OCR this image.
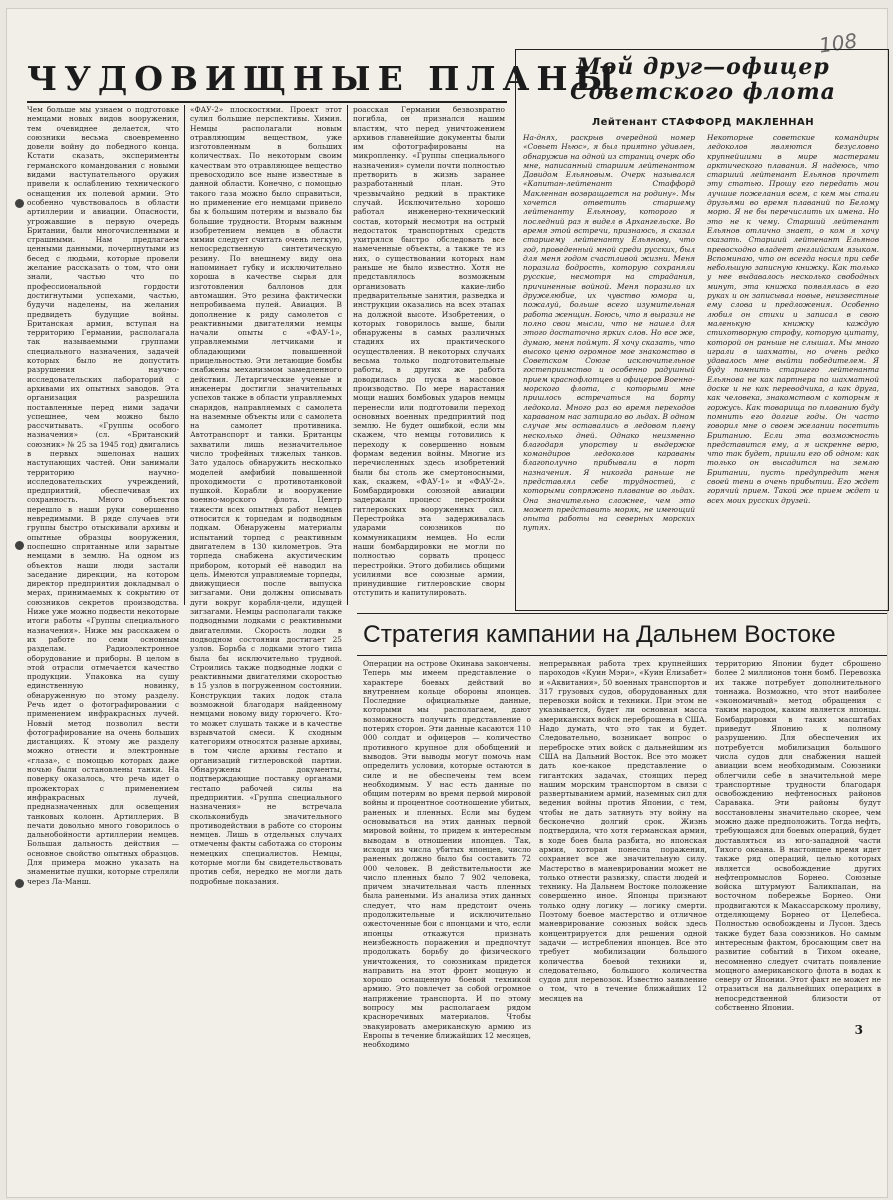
108
ЧУДОВИЩНЫЕ ПЛАНЫ

Чем больше мы узнаем о подготовке немцами новых видов вооружения, тем очевиднее делается, что союзники весьма своевременно довели войну до победного конца. Кстати сказать, эксперименты германского командования с новыми видами наступательного оружия привели к ослаблению технического оснащения их полевой армии. Это особенно чувствовалось в области артиллерии и авиации. Опасности, угрожавшие в первую очередь Британии, были многочисленными и страшными. Нам предлагаем ценными данными, почерпнутыми из бесед с людьми, которые провели желание рассказать о том, что они знали, частью что по профессиональной гордости достигнутыми успехами, частью, будучи наделены, на желания предвидеть будущие войны. Британская армия, вступая на территорию Германии, располагала так называемыми группами специального назначения, задачей которых было не допустить разрушения научно-исследовательских лабораторий с архивами их опытных заводов. Эта организация разрешила поставленные перед ними задачи успешнее, чем можно было рассчитывать. «Группы особого назначения» (сл. «Британский союзник» № 25 за 1945 год) двигались в первых эшелонах наших наступающих частей. Они занимали территорию научно-исследовательских учреждений, предприятий, обеспечивая их сохранность. Много объектов перешло в наши руки совершенно невредимыми. В ряде случаев эти группы быстро отыскивали архивы и опытные образцы вооружения, поспешно спрятанные или зарытые немцами в землю. На одном из объектов наши люди застали заседание дирекции, на котором директор предприятия докладывал о мерах, принимаемых к сокрытию от союзников секретов производства. Ниже уже можно подвести некоторые итоги работы «Группы специального назначения». Ниже мы расскажем о их работе по семи основным разделам. Радиоэлектронное оборудование и приборы. В целом в этой отрасли отмечается качество продукции. Упаковка на сушу единственную новинку, обнаруженную по этому разделу. Речь идет о фотографировании с применением инфракрасных лучей. Новый метод позволил вести фотографирование на очень больших дистанциях. К этому же разделу можно отнести и электронные «глаза», с помощью которых даже ночью были остановлены танки. На поверку оказалось, что речь идет о прожекторах с применением инфракрасных лучей, предназначенных для освещения танковых колонн. Артиллерия. В печати довольно много говорилось о дальнобойности артиллерии немцев. Большая дальность действия — основное свойство опытных образцов. Для примера можно указать на знаменитые пушки, которые стреляли через Ла-Манш.

«ФАУ-2» плоскостями. Проект этот сулил большие перспективы. Химия. Немцы располагали новым отравляющим веществом, уже изготовленным в больших количествах. По некоторым своим качествам это отравляющее вещество превосходило все ныне известные в данной области. Конечно, с помощью такого газа можно было справиться, но применение его немцами привело бы к большим потерям и вызвало бы большие трудности. Вторым важным изобретением немцев в области химии следует считать очень легкую, непосредственную синтетическую резину. По внешнему виду она напоминает губку и исключительно хороша в качестве сырья для изготовления баллонов для автомашин. Это резина фактически непробиваема пулей. Авиация. В дополнение к ряду самолетов с реактивными двигателями немцы начали опыты с «ФАУ-1», управляемыми летчиками и обладающими повышенной прицельностью. Эти летающие бомбы снабжены механизмом замедленного действия. Летаргические ученые и инженеры достигли значительных успехов также в области управляемых снарядов, направляемых с самолета на наземные объекты или с самолета на самолет противника. Автотранспорт и танки. Британцы захватили лишь незначительное число трофейных тяжелых танков. Зато удалось обнаружить несколько моделей амфибий повышенной проходимости с противотанковой пушкой. Корабли и вооружение военно-морского флота. Центр тяжести всех опытных работ немцев относится к торпедам и подводным лодкам. Обнаружены материалы испытаний торпед с реактивным двигателем в 130 километров. Эта торпеда снабжена акустическим прибором, который её наводил на цель. Имеются управляемые торпеды, движущиеся после выпуска зигзагами. Они должны описывать дуги вокруг корабля-цели, идущей зигзагами. Немцы располагали также подводными лодками с реактивными двигателями. Скорость лодки в подводном состоянии достигает 25 узлов. Борьба с лодками этого типа была бы исключительно трудной. Строились также подводные лодки с реактивными двигателями скоростью в 15 узлов в погруженном состоянии. Конструкция таких лодок стала возможной благодаря найденному немцами новому виду горючего. Кто-то может слушать также и в качестве взрывчатой смеси. К сходным категориям относятся разные архивы, в том числе архивы гестапо и организаций гитлеровской партии. Обнаружены документы, подтверждающие поставку органами гестапо рабочей силы на предприятия. «Группа специального назначения» не встречала скольконибудь значительного противодействия в работе со стороны немцев. Лишь в отдельных случаях отмечены факты саботажа со стороны немецких специалистов. Немцы, которые могли бы свидетельствовать против себя, нередко не могли дать подробные показания.

роасская Германии безвозвратно погибла, он признался нашим властям, что перед уничтожением архивов главнейшие документы были им сфотографированы на микропленку. «Группы специального назначения» сумели почти полностью претворить в жизнь заранее разработанный план. Это чрезвычайно редкий в практике случай. Исключительно хорошо работал инженерно-технический состав, который несмотря на острый недостаток транспортных средств ухитрялся быстро обследовать все намеченные объекты, а также те из них, о существовании которых нам раньше не было известно. Хотя не представлялось возможным организовать какие-либо предварительные занятия, разведка и инструкции оказались на всех этапах на должной высоте. Изобретения, о которых говорилось выше, были обнаружены в самых различных стадиях их практического осуществления. В некоторых случаях весьма только подготовительные работы, в других же работа доводилась до пуска в массовое производство. По мере нарастания мощи наших бомбовых ударов немцы перенесли или подготовили переход основных военных предприятий под землю. Не будет ошибкой, если мы скажем, что немцы готовились к переходу к совершенно новым формам ведения войны. Многие из перечисленных здесь изобретений были бы столь же смертоносными, как, скажем, «ФАУ-1» и «ФАУ-2». Бомбардировки союзной авиации задержали процесс перестройки гитлеровских вооруженных сил. Перестройка эта задерживалась ударами союзников по коммуникациям немцев. Но если наши бомбардировки не могли по полностью сорвать процесс перестройки. Этого добились общими усилиями все союзные армии, принудившие гитлеровские своры отступить и капитулировать.

Мой друг—офицер
Советского флота
Лейтенант СТАФФОРД МАКЛЕННАН

На-днях, раскрыв очередной номер «Совьет Ньюс», я был приятно удивлен, обнаружив на одной из страниц очерк обо мне, написанный старшим лейтенантом Давидом Ельяновым. Очерк назывался «Капитан-лейтенант Стаффорд Макленнан возвращается на родину». Мы хочется ответить старшему лейтенанту Ельянову, которого я последний раз я видел в Архангельске. Во время этой встречи, признаюсь, я сказал старшему лейтенанту Ельянову, что год, проведенный мной среди русских, был для меня годом счастливой жизни. Меня поразила бодрость, которую сохраняли русские, несмотря на страдания, причиненные войной. Меня поразило их дружелюбие, их чувство юмора и, пожалуй, больше всего изумительная работа женщин. Боюсь, что я выразил не полно свои мысли, что не нашел для этого достаточно ярких слов. Но все же, думаю, меня поймут. Я хочу сказать, что высоко ценю огромное мое знакомство в Советском Союзе исключительное гостеприимство и особенно радушный прием краснофлотцев и офицеров Военно-морского флота, с которыми мне пришлось встречаться на борту ледокола. Много раз во время переходов караваном нас затирало во льдах. В одном случае мы оставались в ледовом плену несколько дней. Однако неизменно благодаря упорству и выдержке командиров ледоколов караваны благополучно прибывали в порт назначения. Я никогда раньше не представлял себе трудностей, с которыми сопряжено плавание во льдах. Она значительно сложнее, чем это может представить моряк, не имеющий опыта работы на северных морских путях.

Некоторые советские командиры ледоколов являются безусловно крупнейшими в мире мастерами арктического плавания. Я надеюсь, что старший лейтенант Ельянов прочтет эту статью. Прошу его передать мои лучшие пожелания всем, с кем мы стали друзьями во время плаваний по Белому морю. Я не бы перечислить их имена. Но это не к чему. Старший лейтенант Ельянов отлично знает, о ком я хочу сказать. Старший лейтенант Ельянов превосходно владеет английским языком. Вспоминаю, что он всегда носил при себе небольшую записную книжку. Как только у нее выдавалось несколько свободных минут, эта книжка появлялась в его руках и он записывал новые, неизвестные ему слова и предложения. Особенно любил он стихи и записал в свою маленькую книжку каждую стихотворную строфу, которую цитату, которой он раньше не слышал. Мы много играли в шахматы, но очень редко удавалось мне выйти победителем. Я буду помнить старшего лейтенанта Ельянова не как партнера по шахматной доске и не как переводчика, а как друга, как человека, знакомством с которым я горжусь. Как товарища по плаванию буду помнить его долгие годы. Он часто говорил мне о своем желании посетить Британию. Если эта возможность представится ему, а я искренне верю, что так будет, пришли его об одном: как только он высадится на землю Британии, пусть предупредит меня своей тени в очень прибытии. Его ждет горячий прием. Такой же прием ждет и всех моих русских друзей.

Стратегия кампании на Дальнем Востоке

Операции на острове Окинава закончены. Теперь мы имеем представление о характере боевых действий во внутреннем кольце обороны японцев. Последние официальные данные, которыми мы располагаем, дают возможность получить представление о потерях сторон. Эти данные касаются 110 000 солдат и офицеров — количество противного крупное для обобщений и выводов. Эти выводы могут помочь нам определить условия, которые остаются в силе и не обеспечены тем всем необходимым. У нас есть данные по общим потерям во время первой мировой войны и процентное соотношение убитых, раненых и пленных. Если мы будем основываться на этих данных первой мировой войны, то придем к интересным выводам в отношении японцев. Так, исходя из числа убитых японцев, число раненых должно было бы составить 72 000 человек. В действительности же число пленных было 7 902 человека, причем значительная часть пленных была ранеными. Из анализа этих данных следует, что нам предстоит очень продолжительные и исключительно ожесточенные бои с японцами и что, если японцы откажутся признать неизбежность поражения и предпочтут продолжать борьбу до физического уничтожения, то союзникам придется направить на этот фронт мощную и хорошо оснащенную боевой техникой армию. Это повлечет за собой огромное напряжение транспорта. И по этому вопросу мы располагаем рядом красноречивых материалов. Чтобы эвакуировать американскую армию из Европы в течение ближайших 12 месяцев, необходимо

непрерывная работа трех крупнейших пароходов «Куин Мэри», «Куин Елизабет» и «Аквитания», 50 военных транспортов и 317 грузовых судов, оборудованных для перевозки войск и техники. При этом не указывается, будет ли основная масса американских войск переброшена в США. Надо думать, что это так и будет. Следовательно, возникает вопрос о переброске этих войск с дальнейшим из США на Дальний Восток. Все это может дать кое-какое представление о гигантских задачах, стоящих перед нашим морским транспортом в связи с развертыванием армий, наземных сил для ведения войны против Японии, с тем, чтобы не дать затянуть эту войну на бесконечно долгий срок. Жизнь подтвердила, что хотя германская армия, в ходе боев была разбита, но японская армия, которая понесла поражения, сохраняет все же значительную силу. Мастерство в маневрировании может не только отнести развязку, спасти людей и технику. На Дальнем Востоке положение совершенно иное. Японцы признают только одну логику — логику смерти. Поэтому боевое мастерство и отличное маневрирование союзных войск здесь концентрируется для решения одной задачи — истребления японцев. Все это требует мобилизации большого количества боевой техники и, следовательно, большого количества судов для перевозок. Известно заявление о том, что в течение ближайших 12 месяцев на

территорию Японии будет сброшено более 2 миллионов тонн бомб. Перевозка их также потребует дополнительного тоннажа. Возможно, что этот наиболее «экономичный» метод обращения с таким народом, каким является японцы. Бомбардировки в таких масштабах приведут Японию к полному разрушению. Для обеспечения их потребуется мобилизация большого числа судов для снабжения нашей авиации всем необходимым. Союзники облегчили себе в значительной мере транспортные трудности благодаря освобождению нефтеносных районов Саравака. Эти районы будут восстановлены значительно скорее, чем можно даже предположить. Тогда нефть, требующаяся для боевых операций, будет доставляться из юго-западной части Тихого океана. В настоящее время идет также ряд операций, целью которых является освобождение других нефтепромыслов Борнео. Союзные войска штурмуют Баликпапан, на восточном побережье Борнео. Они продвигаются к Макассарскому проливу, отделяющему Борнео от Целебеса. Полностью освобождены и Лусон. Здесь также будет база союзников. Но самым интересным фактом, бросающим свет на развитие событий в Тихом океане, несомненно следует считать появление мощного американского флота в водах к северу от Японии. Этот факт не может не отразиться на дальнейших операциях в непосредственной близости от собственно Японии.

3
